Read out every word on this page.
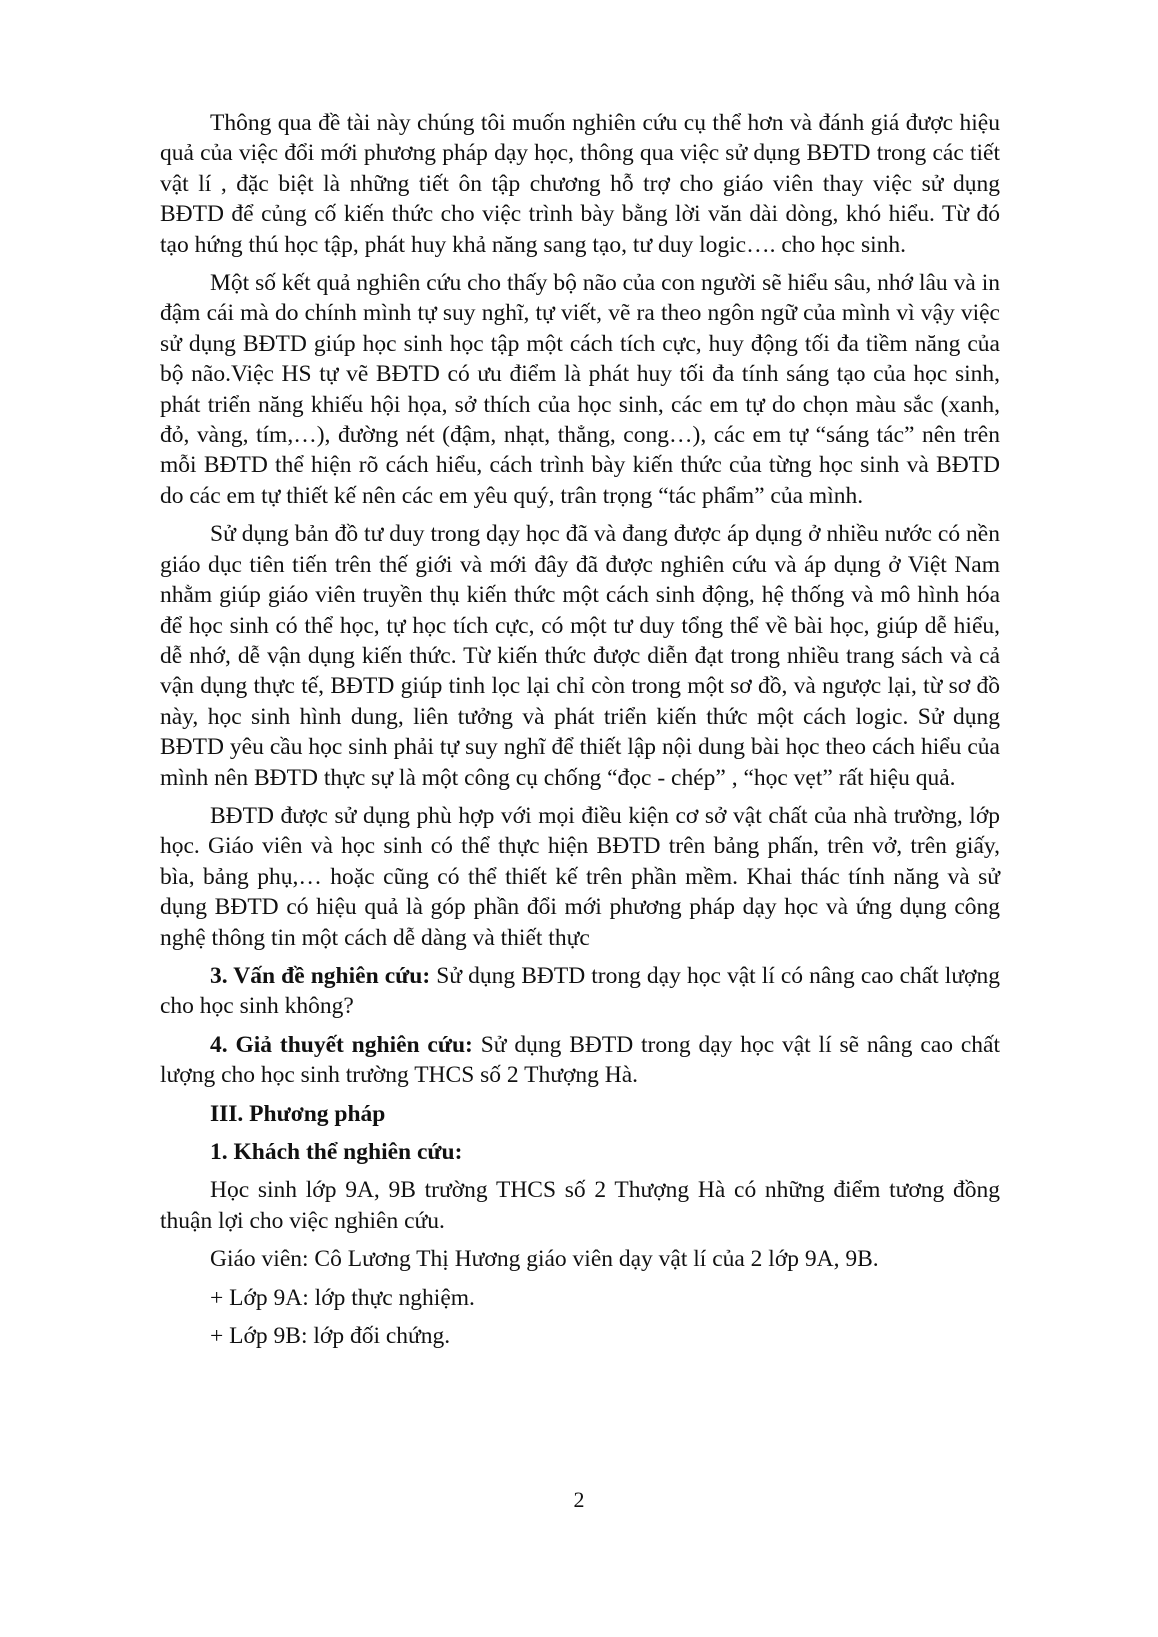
Thông qua đề tài này chúng tôi muốn nghiên cứu cụ thể hơn và đánh giá được hiệu quả của việc đổi mới phương pháp dạy học, thông qua việc sử dụng BĐTD trong các tiết vật lí , đặc biệt là những tiết ôn tập chương hỗ trợ cho giáo viên thay việc sử dụng BĐTD để củng cố kiến thức cho việc trình bày bằng lời văn dài dòng, khó hiểu. Từ đó tạo hứng thú học tập, phát huy khả năng sang tạo, tư duy logic…. cho học sinh.

Một số kết quả nghiên cứu cho thấy bộ não của con người sẽ hiểu sâu, nhớ lâu và in đậm cái mà do chính mình tự suy nghĩ, tự viết, vẽ ra theo ngôn ngữ của mình vì vậy việc sử dụng BĐTD giúp học sinh học tập một cách tích cực, huy động tối đa tiềm năng của bộ não.Việc HS tự vẽ BĐTD có ưu điểm là phát huy tối đa tính sáng tạo của học sinh, phát triển năng khiếu hội họa, sở thích của học sinh, các em tự do chọn màu sắc (xanh, đỏ, vàng, tím,…), đường nét (đậm, nhạt, thẳng, cong…), các em tự “sáng tác” nên trên mỗi BĐTD thể hiện rõ cách hiểu, cách trình bày kiến thức của từng học sinh và BĐTD do các em tự thiết kế nên các em yêu quý, trân trọng “tác phẩm” của mình.

Sử dụng bản đồ tư duy trong dạy học đã và đang được áp dụng ở nhiều nước có nền giáo dục tiên tiến trên thế giới và mới đây đã được nghiên cứu và áp dụng ở Việt Nam nhằm giúp giáo viên truyền thụ kiến thức một cách sinh động, hệ thống và mô hình hóa để học sinh có thể học, tự học tích cực, có một tư duy tổng thể về bài học, giúp dễ hiểu, dễ nhớ, dễ vận dụng kiến thức. Từ kiến thức được diễn đạt trong nhiều trang sách và cả vận dụng thực tế, BĐTD giúp tinh lọc lại chỉ còn trong một sơ đồ, và ngược lại, từ sơ đồ này, học sinh hình dung, liên tưởng và phát triển kiến thức một cách logic. Sử dụng BĐTD yêu cầu học sinh phải tự suy nghĩ để thiết lập nội dung bài học theo cách hiểu của mình nên BĐTD thực sự là một công cụ chống “đọc - chép” , “học vẹt” rất hiệu quả.

BĐTD được sử dụng phù hợp với mọi điều kiện cơ sở vật chất của nhà trường, lớp học. Giáo viên và học sinh có thể thực hiện BĐTD trên bảng phấn, trên vở, trên giấy, bìa, bảng phụ,… hoặc cũng có thể thiết kế trên phần mềm. Khai thác tính năng và sử dụng BĐTD có hiệu quả là góp phần đổi mới phương pháp dạy học và ứng dụng công nghệ thông tin một cách dễ dàng và thiết thực

3. Vấn đề nghiên cứu: Sử dụng BĐTD trong dạy học vật lí có nâng cao chất lượng cho học sinh không?

4. Giả thuyết nghiên cứu: Sử dụng BĐTD trong dạy học vật lí sẽ nâng cao chất lượng cho học sinh trường THCS số 2 Thượng Hà.

III. Phương pháp

1. Khách thể nghiên cứu:

Học sinh lớp 9A, 9B trường THCS số 2 Thượng Hà có những điểm tương đồng thuận lợi cho việc nghiên cứu.

Giáo viên: Cô Lương Thị Hương giáo viên dạy vật lí của 2 lớp 9A, 9B.

+ Lớp 9A: lớp thực nghiệm.

+ Lớp 9B: lớp đối chứng.

2
